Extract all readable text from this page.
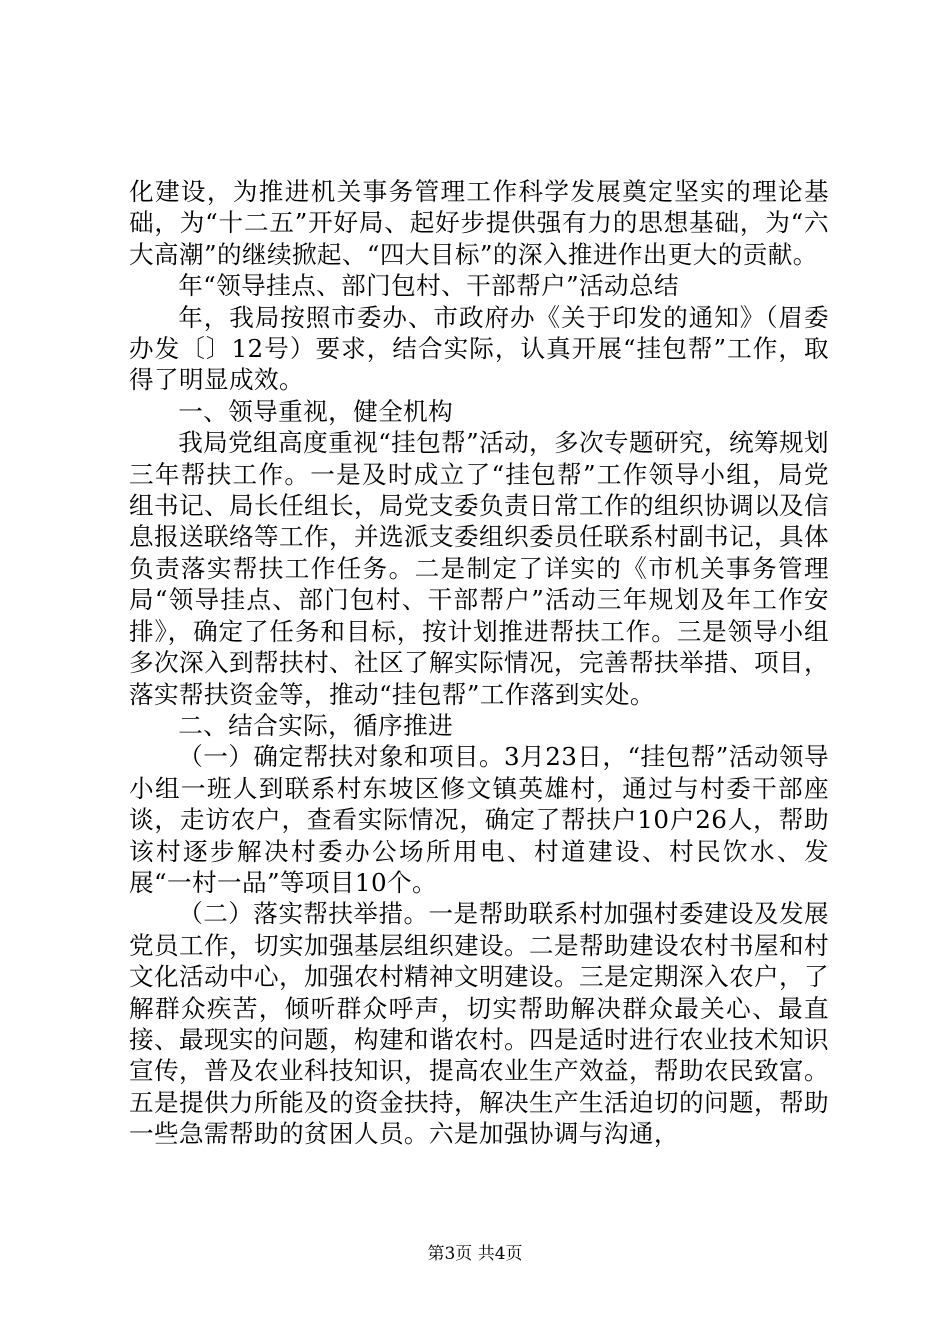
化建设，为推进机关事务管理工作科学发展奠定坚实的理论基础，为“十二五”开好局、起好步提供强有力的思想基础，为“六大高潮”的继续掀起、“四大目标”的深入推进作出更大的贡献。

年“领导挂点、部门包村、干部帮户”活动总结

年，我局按照市委办、市政府办《关于印发的通知》（眉委办发〔〕12号）要求，结合实际，认真开展“挂包帮”工作，取得了明显成效。

一、领导重视，健全机构

我局党组高度重视“挂包帮”活动，多次专题研究，统筹规划三年帮扶工作。一是及时成立了“挂包帮”工作领导小组，局党组书记、局长任组长，局党支委负责日常工作的组织协调以及信息报送联络等工作，并选派支委组织委员任联系村副书记，具体负责落实帮扶工作任务。二是制定了详实的《市机关事务管理局“领导挂点、部门包村、干部帮户”活动三年规划及年工作安排》，确定了任务和目标，按计划推进帮扶工作。三是领导小组多次深入到帮扶村、社区了解实际情况，完善帮扶举措、项目，落实帮扶资金等，推动“挂包帮”工作落到实处。

二、结合实际，循序推进

（一）确定帮扶对象和项目。3月23日，“挂包帮”活动领导小组一班人到联系村东坡区修文镇英雄村，通过与村委干部座谈，走访农户，查看实际情况，确定了帮扶户10户26人，帮助该村逐步解决村委办公场所用电、村道建设、村民饮水、发展“一村一品”等项目10个。

（二）落实帮扶举措。一是帮助联系村加强村委建设及发展党员工作，切实加强基层组织建设。二是帮助建设农村书屋和村文化活动中心，加强农村精神文明建设。三是定期深入农户，了解群众疾苦，倾听群众呼声，切实帮助解决群众最关心、最直接、最现实的问题，构建和谐农村。四是适时进行农业技术知识宣传，普及农业科技知识，提高农业生产效益，帮助农民致富。五是提供力所能及的资金扶持，解决生产生活迫切的问题，帮助一些急需帮助的贫困人员。六是加强协调与沟通，

第3页 共4页
